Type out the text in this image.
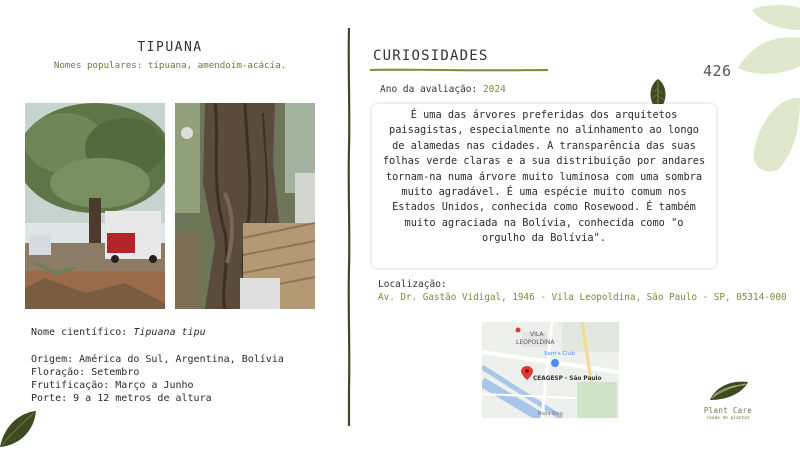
TIPUANA
Nomes populares: tipuana, amendoim-acácia.
Nome científico: Tipuana tipu
Origem: América do Sul, Argentina, Bolívia
Floração: Setembro
Frutificação: Março a Junho
Porte: 9 a 12 metros de altura
CURIOSIDADES
426
Ano da avaliação: 2024

É uma das árvores preferidas dos arquitetos paisagistas, especialmente no alinhamento ao longo de alamedas nas cidades. A transparência das suas folhas verde claras e a sua distribuição por andares tornam-na numa árvore muito luminosa com uma sombra muito agradável. É uma espécie muito comum nos Estados Unidos, conhecida como Rosewood. É também muito agraciada na Bolívia, conhecida como "o orgulho da Bolívia".

Localização:
Av. Dr. Gastão Vidigal, 1946 - Vila Leopoldina, São Paulo - SP, 05314-000
VILA
LEOPOLDINA
Sam's Club
CEAGESP - São Paulo
Roda Rico	Plant Care
saúde de plantas
